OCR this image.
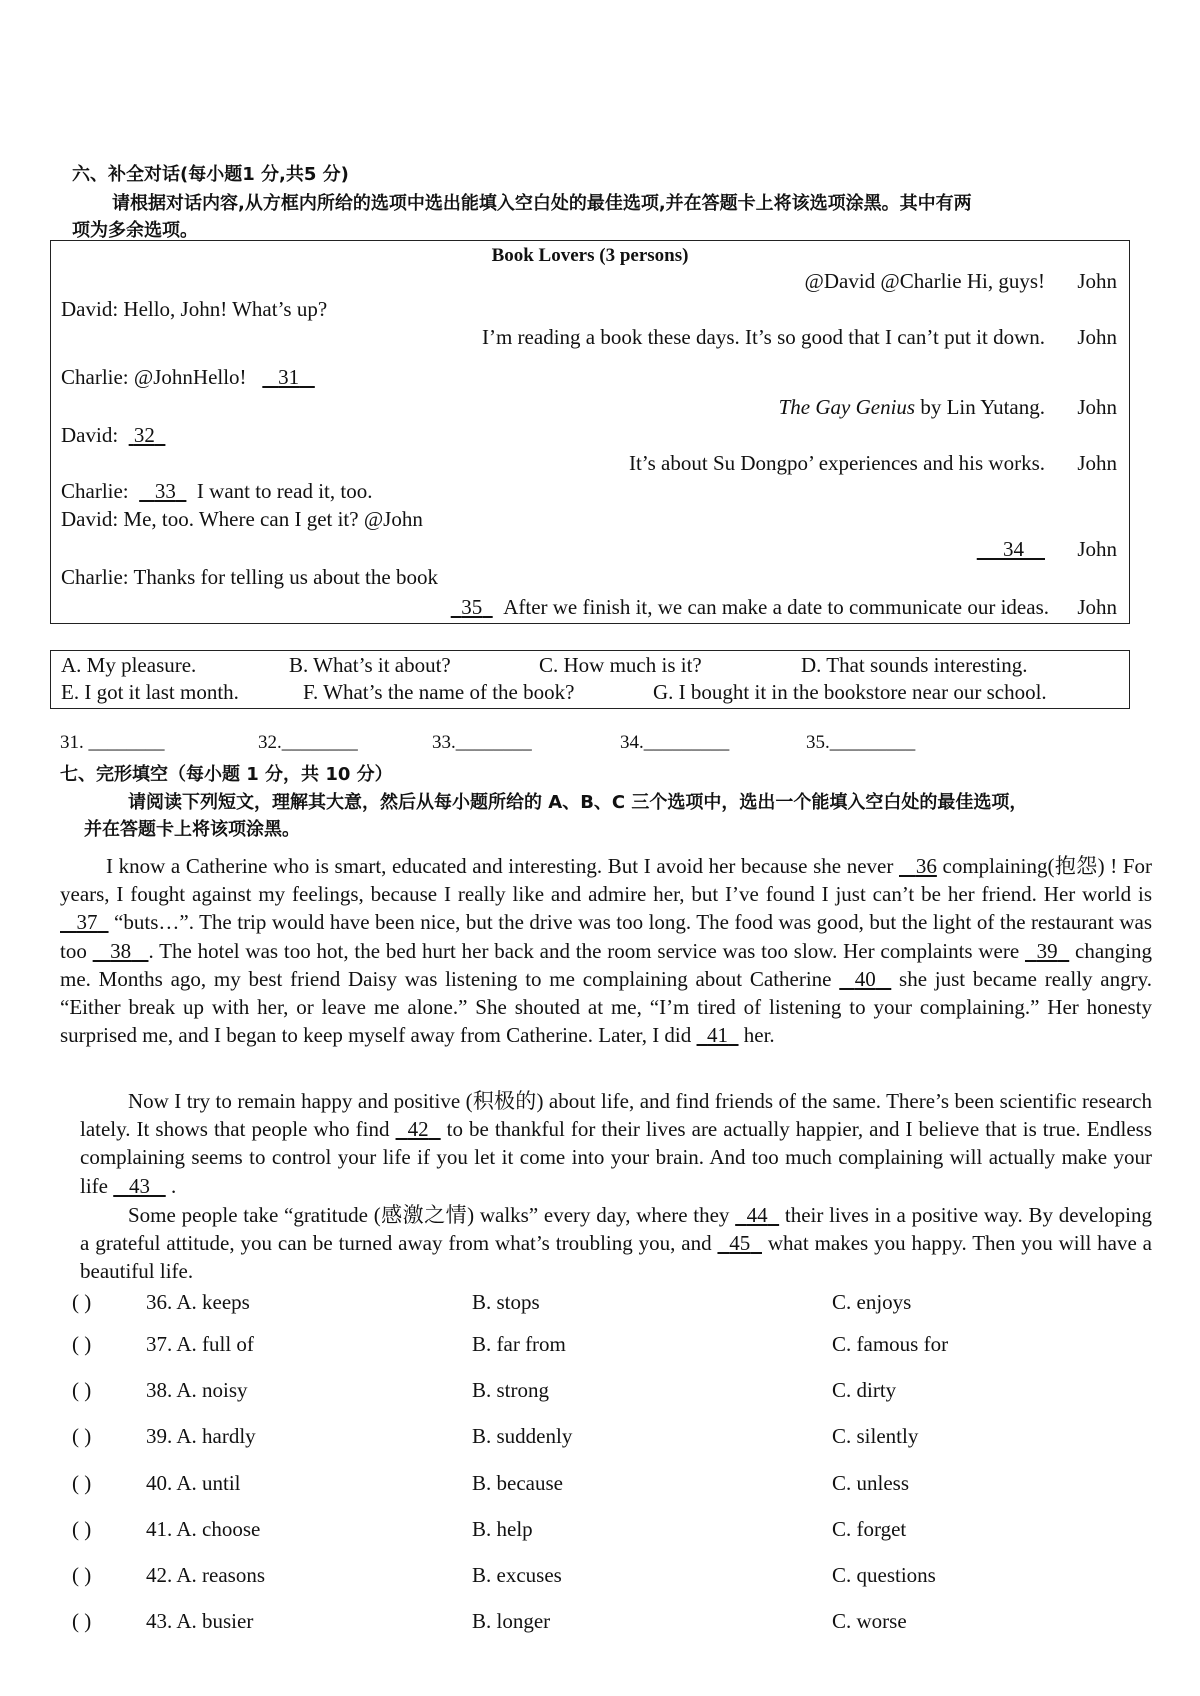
六、补全对话(每小题1 分,共5 分)
请根据对话内容,从方框内所给的选项中选出能填入空白处的最佳选项,并在答题卡上将该选项涂黑。其中有两
项为多余选项。
Book Lovers (3 persons)
@David @Charlie Hi, guys! John
David: Hello, John! What’s up?
I’m reading a book these days. It’s so good that I can’t put it down. John
Charlie: @JohnHello! 31
The Gay Genius by Lin Yutang. John
David: 32
It’s about Su Dongpo’ experiences and his works. John
Charlie: 33 I want to read it, too.
David: Me, too. Where can I get it? @John
34	John
Charlie: Thanks for telling us about the book
35 After we finish it, we can make a date to communicate our ideas. John
A. My pleasure.	B. What’s it about?	C. How much is it?	D. That sounds interesting.
E. I got it last month.	F. What’s the name of the book?	G. I bought it in the bookstore near our school.
31. ________	32.________	33.________	34._________	35._________
七、完形填空（每小题 1 分，共 10 分）
请阅读下列短文，理解其大意，然后从每小题所给的 A、B、C 三个选项中，选出一个能填入空白处的最佳选项，
并在答题卡上将该项涂黑。
I know a Catherine who is smart, educated and interesting. But I avoid her because she never    36 complaining(抱怨) ! For years, I fought against my feelings, because I really like and admire her, but I’ve found I just can’t be her friend. Her world is    37   “buts…”. The trip would have been nice, but the drive was too long. The food was good, but the light of the restaurant was too    38 . The hotel was too hot, the bed hurt her back and the room service was too slow. Her complaints were   39   changing me. Months ago, my best friend Daisy was listening to me complaining about Catherine   40   she just became really angry. “Either break up with her, or leave me alone.” She shouted at me, “I’m tired of listening to your complaining.” Her honesty surprised me, and I began to keep myself away from Catherine. Later, I did   41   her.
Now I try to remain happy and positive (积极的) about life, and find friends of the same. There’s been scientific research lately. It shows that people who find   42   to be thankful for their lives are actually happier, and I believe that is true. Endless complaining seems to control your life if you let it come into your brain. And too much complaining will actually make your life    43    .
Some people take “gratitude (感激之情) walks” every day, where they   44   their lives in a positive way. By developing a grateful attitude, you can be turned away from what’s troubling you, and   45   what makes you happy. Then you will have a beautiful life.
( )	36. A. keeps	B. stops	C. enjoys
( )	37. A. full of	B. far from	C. famous for
( )	38. A. noisy	B. strong	C. dirty
( )	39. A. hardly	B. suddenly	C. silently
( )	40. A. until	B. because	C. unless
( )	41. A. choose	B. help	C. forget
( )	42. A. reasons	B. excuses	C. questions
( )	43. A. busier	B. longer	C. worse
